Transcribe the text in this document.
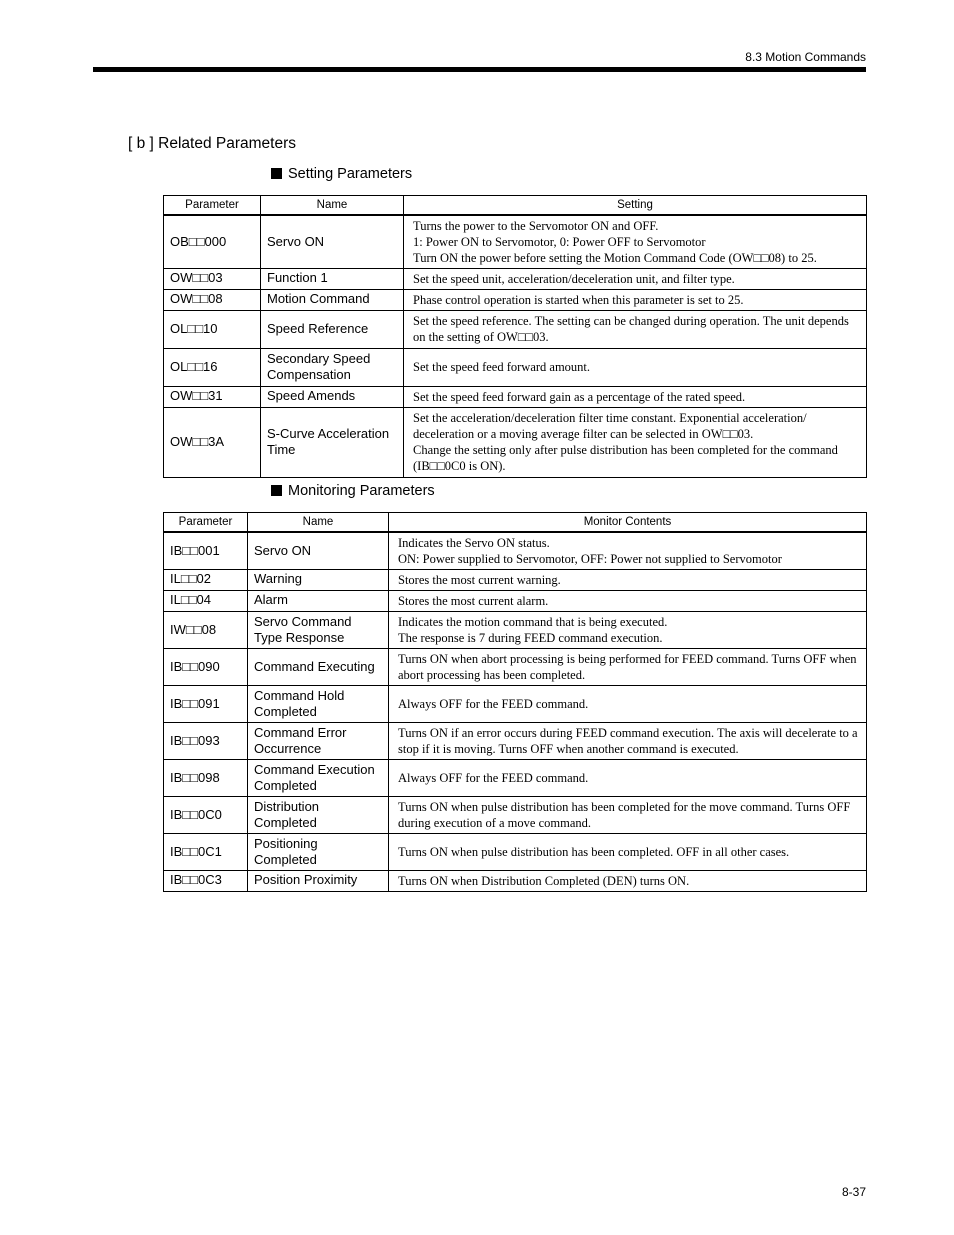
8.3 Motion Commands
[ b ] Related Parameters
Setting Parameters
Parameter	Name	Setting
OB□□000	Servo ON	Turns the power to the Servomotor ON and OFF.
1: Power ON to Servomotor, 0: Power OFF to Servomotor
Turn ON the power before setting the Motion Command Code (OW□□08) to 25.

OW□□03	Function 1	Set the speed unit, acceleration/deceleration unit, and filter type.

OW□□08	Motion Command	Phase control operation is started when this parameter is set to 25.

OL□□10	Speed Reference	Set the speed reference. The setting can be changed during operation. The unit depends on the setting of OW□□03.

OL□□16	Secondary Speed Compensation	Set the speed feed forward amount.

OW□□31	Speed Amends	Set the speed feed forward gain as a percentage of the rated speed.

OW□□3A	S-Curve Acceleration Time	Set the acceleration/deceleration filter time constant. Exponential acceleration/ deceleration or a moving average filter can be selected in OW□□03.
Change the setting only after pulse distribution has been completed for the command (IB□□0C0 is ON).
Monitoring Parameters
Parameter	Name	Monitor Contents
IB□□001	Servo ON	Indicates the Servo ON status.
ON: Power supplied to Servomotor, OFF: Power not supplied to Servomotor

IL□□02	Warning	Stores the most current warning.

IL□□04	Alarm	Stores the most current alarm.

IW□□08	Servo Command Type Response	Indicates the motion command that is being executed.
The response is 7 during FEED command execution.

IB□□090	Command Executing	Turns ON when abort processing is being performed for FEED command. Turns OFF when abort processing has been completed.

IB□□091	Command Hold Completed	Always OFF for the FEED command.

IB□□093	Command Error Occurrence	Turns ON if an error occurs during FEED command execution. The axis will decelerate to a stop if it is moving. Turns OFF when another command is executed.

IB□□098	Command Execution Completed	Always OFF for the FEED command.

IB□□0C0	Distribution Completed	Turns ON when pulse distribution has been completed for the move command. Turns OFF during execution of a move command.

IB□□0C1	Positioning Completed	Turns ON when pulse distribution has been completed. OFF in all other cases.

IB□□0C3	Position Proximity	Turns ON when Distribution Completed (DEN) turns ON.
8-37
